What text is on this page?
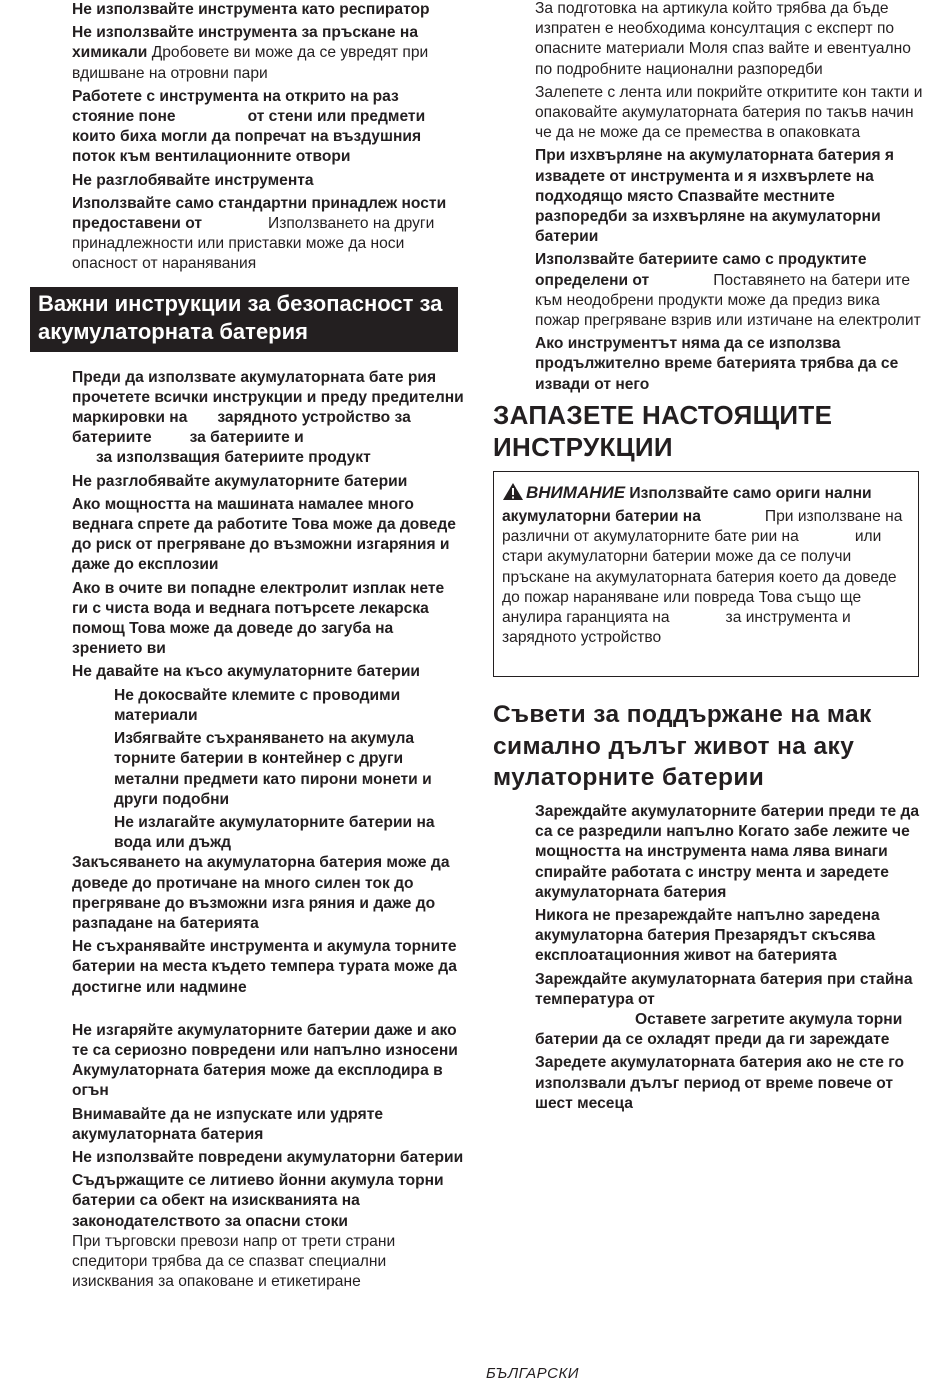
Не използвайте инструмента като респиратор

Не използвайте инструмента за пръскане на химикали Дробовете ви може да се увредят при вдишване на отровни пари

Работете с инструмента на открито на раз стояние поне	от стени или предмети които биха могли да попречат на въздушния поток към вентилационните отвори

Не разглобявайте инструмента

Използвайте само стандартни принадлеж ности предоставени от	Използването на други принадлежности или приставки може да носи опасност от наранявания

Важни инструкции за безопасност за акумулаторната батерия

Преди да използвате акумулаторната бате рия прочетете всички инструкции и преду предителни маркировки на зарядното устройство за батериите за батериите и
за използващия батериите продукт

Не разглобявайте акумулаторните батерии

Ако мощността на машината намалее много веднага спрете да работите Това може да доведе до риск от прегряване до възможни изгаряния и даже до експлозии

Ако в очите ви попадне електролит изплак нете ги с чиста вода и веднага потърсете лекарска помощ Това може да доведе до загуба на зрението ви

Не давайте на късо акумулаторните батерии

Не докосвайте клемите с проводими материали

Избягвайте съхраняването на акумула торните батерии в контейнер с други метални предмети като пирони монети и други подобни

Не излагайте акумулаторните батерии на вода или дъжд

Закъсяването на акумулаторна батерия може да доведе до протичане на много силен ток до прегряване до възможни изга ряния и даже до разпадане на батерията

Не съхранявайте инструмента и акумула торните батерии на места където темпера турата може да достигне или надмине

Не изгаряйте акумулаторните батерии даже и ако те са сериозно повредени или напълно износени Акумулаторната батерия може да експлодира в огън

Внимавайте да не изпускате или удряте акумулаторната батерия

Не използвайте повредени акумулаторни батерии

Съдържащите се литиево йонни акумула торни батерии са обект на изискванията на законодателството за опасни стоки
При търговски превози напр от трети страни спедитори трябва да се спазват специални изисквания за опаковане и етикетиране

За подготовка на артикула който трябва да бъде изпратен е необходима консултация с експерт по опасните материали Моля спаз вайте и евентуално по подробните национални разпоредби

Залепете с лента или покрийте откритите кон такти и опаковайте акумулаторната батерия по такъв начин че да не може да се премества в опаковката

При изхвърляне на акумулаторната батерия я извадете от инструмента и я изхвърлете на подходящо място Спазвайте местните разпоредби за изхвърляне на акумулаторни батерии

Използвайте батериите само с продуктите определени от	Поставянето на батери ите към неодобрени продукти може да предиз вика пожар прегряване взрив или изтичане на електролит

Ако инструментът няма да се използва продължително време батерията трябва да се извади от него

ЗАПАЗЕТЕ НАСТОЯЩИТЕ ИНСТРУКЦИИ
ВНИМАНИЕ Използвайте само ориги нални акумулаторни батерии на	При използване на различни от акумулаторните бате рии на	или стари акумулаторни батерии може да се получи пръскане на акумулаторната батерия което да доведе до пожар нараняване или повреда Това също ще анулира гаранцията на	за инструмента и зарядното устройство
Съвети за поддържане на мак симално дълъг живот на аку мулаторните батерии

Зареждайте акумулаторните батерии преди те да са се разредили напълно Когато забе лежите че мощността на инструмента нама лява винаги спирайте работата с инстру мента и заредете акумулаторната батерия

Никога не презареждайте напълно заредена акумулаторна батерия Презарядът скъсява експлоатационния живот на батерията

Зареждайте акумулаторната батерия при стайна температура от
Оставете загретите акумула торни батерии да се охладят преди да ги зареждате

Заредете акумулаторната батерия ако не сте го използвали дълъг период от време повече от шест месеца

БЪЛГАРСКИ
